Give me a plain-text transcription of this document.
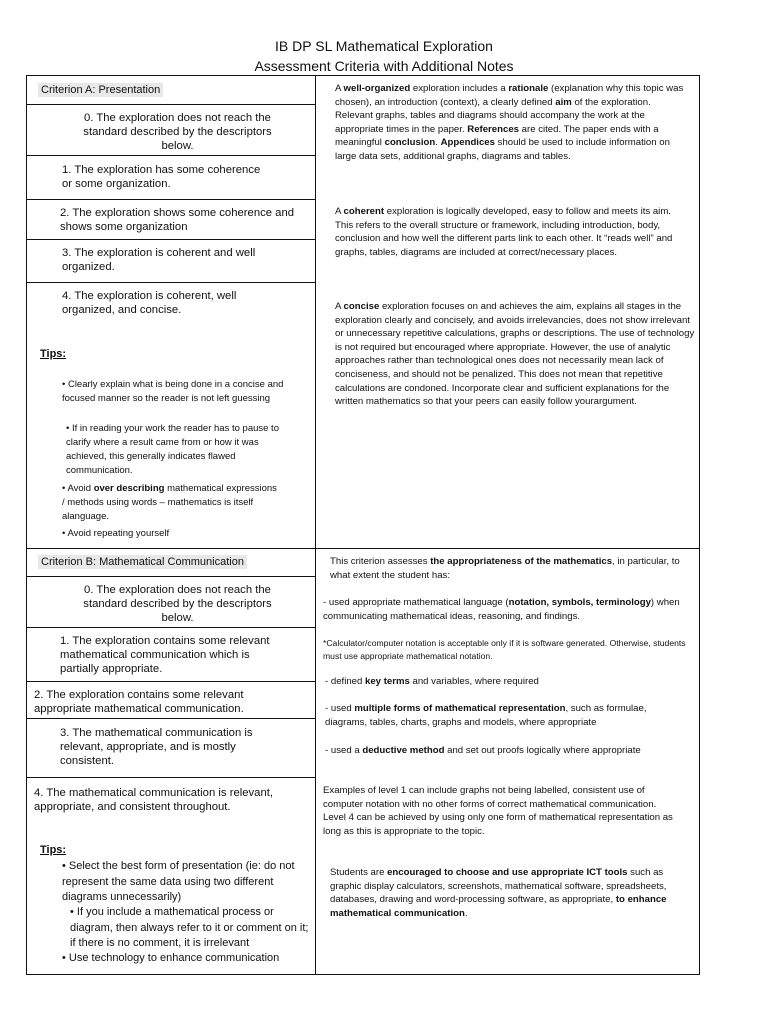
IB DP SL Mathematical Exploration
Assessment Criteria with Additional Notes
Criterion A: Presentation
0. The exploration does not reach the standard described by the descriptors below.
1. The exploration has some coherence or some organization.
2. The exploration shows some coherence and shows some organization
3. The exploration is coherent and well organized.
4. The exploration is coherent, well organized, and concise.
Tips:
• Clearly explain what is being done in a concise and focused manner so the reader is not left guessing
• If in reading your work the reader has to pause to clarify where a result came from or how it was achieved, this generally indicates flawed communication.
• Avoid over describing mathematical expressions / methods using words – mathematics is itself alanguage.
• Avoid repeating yourself
A well-organized exploration includes a rationale (explanation why this topic was chosen), an introduction (context), a clearly defined aim of the exploration. Relevant graphs, tables and diagrams should accompany the work at the appropriate times in the paper. References are cited. The paper ends with a meaningful conclusion. Appendices should be used to include information on large data sets, additional graphs, diagrams and tables.
A coherent exploration is logically developed, easy to follow and meets its aim. This refers to the overall structure or framework, including introduction, body, conclusion and how well the different parts link to each other. It “reads well” and graphs, tables, diagrams are included at correct/necessary places.
A concise exploration focuses on and achieves the aim, explains all stages in the exploration clearly and concisely, and avoids irrelevancies, does not show irrelevant or unnecessary repetitive calculations, graphs or descriptions. The use of technology is not required but encouraged where appropriate. However, the use of analytic approaches rather than technological ones does not necessarily mean lack of conciseness, and should not be penalized. This does not mean that repetitive calculations are condoned. Incorporate clear and sufficient explanations for the written mathematics so that your peers can easily follow yourargument.
Criterion B: Mathematical Communication
0. The exploration does not reach the standard described by the descriptors below.
1. The exploration contains some relevant mathematical communication which is partially appropriate.
2. The exploration contains some relevant appropriate mathematical communication.
3. The mathematical communication is relevant, appropriate, and is mostly consistent.
4. The mathematical communication is relevant, appropriate, and consistent throughout.
Tips:
• Select the best form of presentation (ie: do not represent the same data using two different diagrams unnecessarily)
• If you include a mathematical process or diagram, then always refer to it or comment on it; if there is no comment, it is irrelevant
• Use technology to enhance communication
This criterion assesses the appropriateness of the mathematics, in particular, to what extent the student has:
- used appropriate mathematical language (notation, symbols, terminology) when communicating mathematical ideas, reasoning, and findings.
*Calculator/computer notation is acceptable only if it is software generated. Otherwise, students must use appropriate mathematical notation.
- defined key terms and variables, where required
- used multiple forms of mathematical representation, such as formulae, diagrams, tables, charts, graphs and models, where appropriate
- used a deductive method and set out proofs logically where appropriate
Examples of level 1 can include graphs not being labelled, consistent use of computer notation with no other forms of correct mathematical communication. Level 4 can be achieved by using only one form of mathematical representation as long as this is appropriate to the topic.
Students are encouraged to choose and use appropriate ICT tools such as graphic display calculators, screenshots, mathematical software, spreadsheets, databases, drawing and word-processing software, as appropriate, to enhance mathematical communication.
